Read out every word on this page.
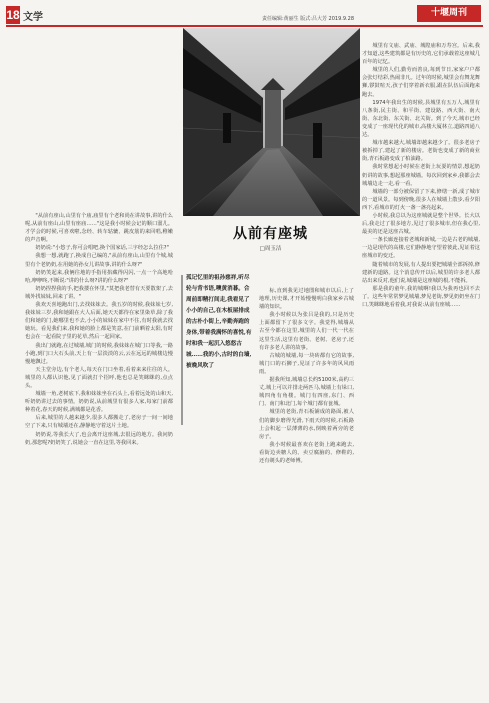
18 文学	责任编辑:黄丽生 版式:吕大芳 2019.9.28
十堰周刊
从前有座城
□周玉洁
孤记忆里的祖孙慈祥,听尽轮与背书语,噢黄消暮。合周前即精打间走,我看见了小小的自己,在木板屋排成的古朴小街上,辛勤奔跑的身体,带着我满怀的喜悦,有时和我一起沉入悠悠古城……我的小,古时的白墙,被晚风吹了

"从前有座山,山里有个庙,庙里有个老和尚在讲故事,讲的什么呢,从前有座山,山里有座庙……"这是我小时候会记的顺口溜儿。才学会的时候,可喜欢啦,念经、转车轱辘、跳皮筋的来回唱,稚嫩的声音啊。

奶奶说:"小悠子,你可会唱吧,换个国家话,三字经怎么拉住?"

我想一想,就跑了,换成自己编的,"从前有座山,山里有个城,城里有个老奶奶,在用她的孙女儿讲故事,讲的什么呀?"

奶奶笑起来,我俩往地的手指用掐藏得闪闪,一点一个高地哈哈,咿咿咚,不断说:"讲的什么呀?讲的什么呀?"

奶奶捏捏我的手,把我搂在怀里,"莫把我老替有天要散架了,去城外找妹妹,回来了讲。"

我欢天喜地跑出门,去找妹妹去。我五岁的时候,我妹妹七岁,我妹妹三岁,我和她跟在大人后面,她天天都待在家里染草,除了我们和她的门,她哪里也不去,小小的妹妹在家中不住,有时我就去找她玩。看见我们来,我和她的脸上都是笑意,在门前晒着太阳,有时也会在一起看院子里的花草,然后一起回家。

我出门就跑,在过城墙,城门的时候,我妹妹在城门口等我,一路小跑,到门口大石头前,天上有一层淡淡的云,云在远远的城楼边慢慢地飘过。

天主堂旁边,有个老人,每天在门口坐着,看着来来往往的人。城里的人都认识他,见了面就打个招呼,他也总是笑眯眯的,点点头。

城墙一角,老树底下,我和妹妹坐在石头上,看着远处的山和天,听奶奶讲过去的事情。奶奶说,从前城里有很多人家,每家门前都种着花,春天的时候,满城都是花香。

后来,城里的人越来越少,很多人都搬走了,老房子一间一间地空了下来,只有城墙还在,静静地守着这片土地。

奶奶说,等我长大了,也会离开这座城,去很远的地方。我问奶奶,那您呢?奶奶笑了,说她会一直在这里,等我回来。

标,直到我见过地图和城市以后,上了地理,历史课,才开始慢慢明白我家乡古城墙的知识。

我小时候以为张吕是我的,只是历史上面都留下了很多文字。我觉得,城墙从古至今都在这里,城里的人们一代一代在这里生活,这里有老街、老树、老房子,还有许多老人讲的故事。

古城的城墙,每一块砖都有它的故事,城门口的石狮子,见证了许多年的风风雨雨。

据我所知,城墙总长约5100米,高约三丈,城上可以并排走两匹马,城墙上有垛口,城四角有角楼。城门有四座,东门、西门、南门和北门,每个城门都有瓮城。

城里的老街,青石板铺成的路面,被人们的脚步磨得光滑,下雨天的时候,石板路上会积起一层薄薄的水,倒映着两旁的老房子。

我小时候最喜欢在老街上跑来跑去,看街边卖糖人的、卖豆腐脑的、修鞋的,还有剃头的老师傅。

城里有文庙、武庙、城隍庙和万寿宫。后来,我才知道,这些建筑都是有历史的,它们承载着这座城几百年的记忆。

城里的人们,勤劳而善良,每到节日,家家户户都会张灯结彩,热闹非凡。过年的时候,城里会有舞龙舞狮,锣鼓喧天,孩子们穿着新衣服,跟在队伍后面跑来跑去。

1974年我出生的时候,县城里有五万人,城里有八条街,民主街、和平街、建设路、西大街、南大街、东北街、东关街、北关街。到了今天,城市已经变成了一座现代化的城市,高楼大厦林立,道路四通八达。

城市越来越大,城墙却越来越少了。很多老房子被拆掉了,建起了新的楼房。老街也变成了新的商业街,青石板路变成了柏油路。

我时常想起小时候在老街上玩耍的情景,想起奶奶讲的故事,想起那座城墙。每次回到家乡,我都会去城墙边走一走,看一看。

城墙的一部分被保留了下来,修缮一新,成了城市的一道风景。每到傍晚,很多人在城墙上散步,看夕阳西下,看城市的灯火一盏一盏亮起来。

小时候,我总以为这座城就是整个世界。长大以后,我走过了很多地方,见过了很多城市,但在我心里,最美的还是这座古城。

一条长廊连接着老城和新城,一边是古老的城墙,一边是现代的高楼,它们静静地守望着彼此,见证着这座城市的变迁。

随着城市的发展,有人提出要把城墙全部拆掉,修建新的道路。这个消息传开以后,城里的许多老人都站出来反对,他们说,城墙是这座城的根,不能拆。

那是我的童年,我的城啊!我以为我再也回不去了。这些年常常梦见城墙,梦见老街,梦见奶奶坐在门口,笑眯眯地看着我,对我说:从前有座城……
